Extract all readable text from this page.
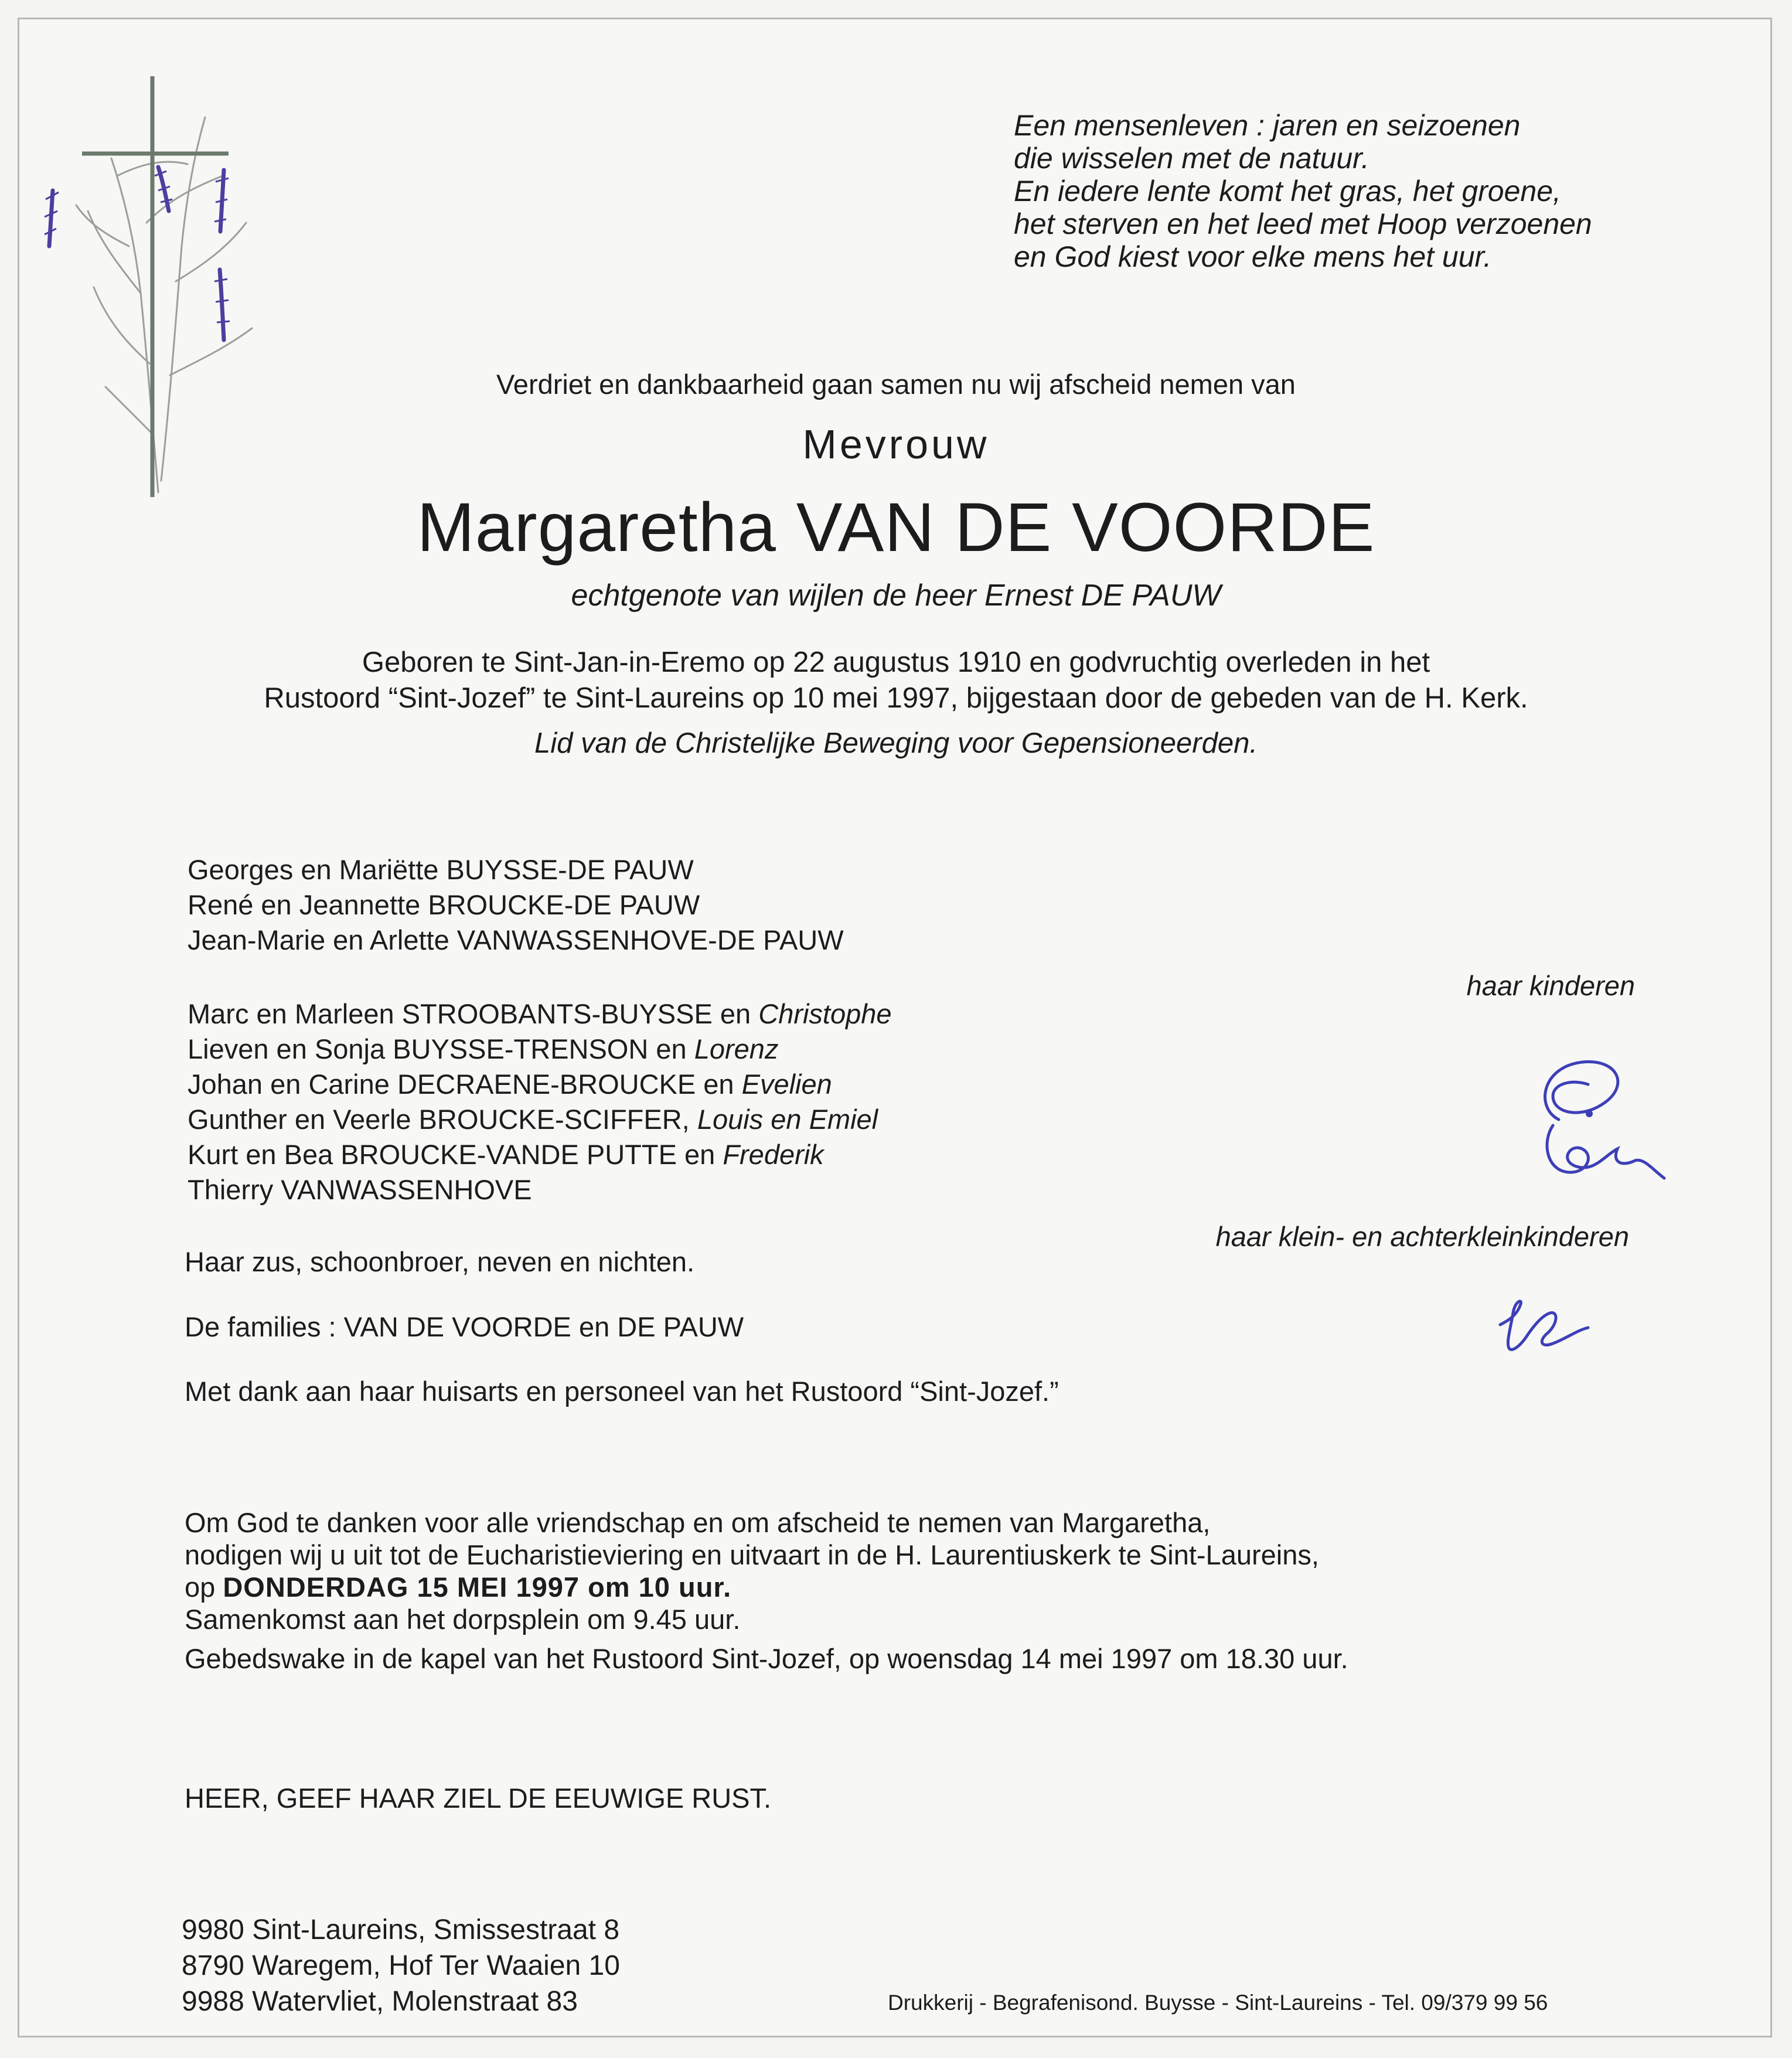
Een mensenleven : jaren en seizoenen
die wisselen met de natuur.
En iedere lente komt het gras, het groene,
het sterven en het leed met Hoop verzoenen
en God kiest voor elke mens het uur.
Verdriet en dankbaarheid gaan samen nu wij afscheid nemen van
Mevrouw
Margaretha VAN DE VOORDE
echtgenote van wijlen de heer Ernest DE PAUW
Geboren te Sint-Jan-in-Eremo op 22 augustus 1910 en godvruchtig overleden in het
Rustoord “Sint-Jozef” te Sint-Laureins op 10 mei 1997, bijgestaan door de gebeden van de H. Kerk.
Lid van de Christelijke Beweging voor Gepensioneerden.
Georges en Mariëtte BUYSSE-DE PAUW
René en Jeannette BROUCKE-DE PAUW
Jean-Marie en Arlette VANWASSENHOVE-DE PAUW
haar kinderen
Marc en Marleen STROOBANTS-BUYSSE en Christophe
Lieven en Sonja BUYSSE-TRENSON en Lorenz
Johan en Carine DECRAENE-BROUCKE en Evelien
Gunther en Veerle BROUCKE-SCIFFER, Louis en Emiel
Kurt en Bea BROUCKE-VANDE PUTTE en Frederik
Thierry VANWASSENHOVE
haar klein- en achterkleinkinderen
Haar zus, schoonbroer, neven en nichten.
De families : VAN DE VOORDE en DE PAUW
Met dank aan haar huisarts en personeel van het Rustoord “Sint-Jozef.”
Om God te danken voor alle vriendschap en om afscheid te nemen van Margaretha,
nodigen wij u uit tot de Eucharistieviering en uitvaart in de H. Laurentiuskerk te Sint-Laureins,
op DONDERDAG 15 MEI 1997 om 10 uur.
Samenkomst aan het dorpsplein om 9.45 uur.
Gebedswake in de kapel van het Rustoord Sint-Jozef, op woensdag 14 mei 1997 om 18.30 uur.
HEER, GEEF HAAR ZIEL DE EEUWIGE RUST.
9980 Sint-Laureins, Smissestraat 8
8790 Waregem, Hof Ter Waaien 10
9988 Watervliet, Molenstraat 83	Drukkerij - Begrafenisond. Buysse - Sint-Laureins - Tel. 09/379 99 56
